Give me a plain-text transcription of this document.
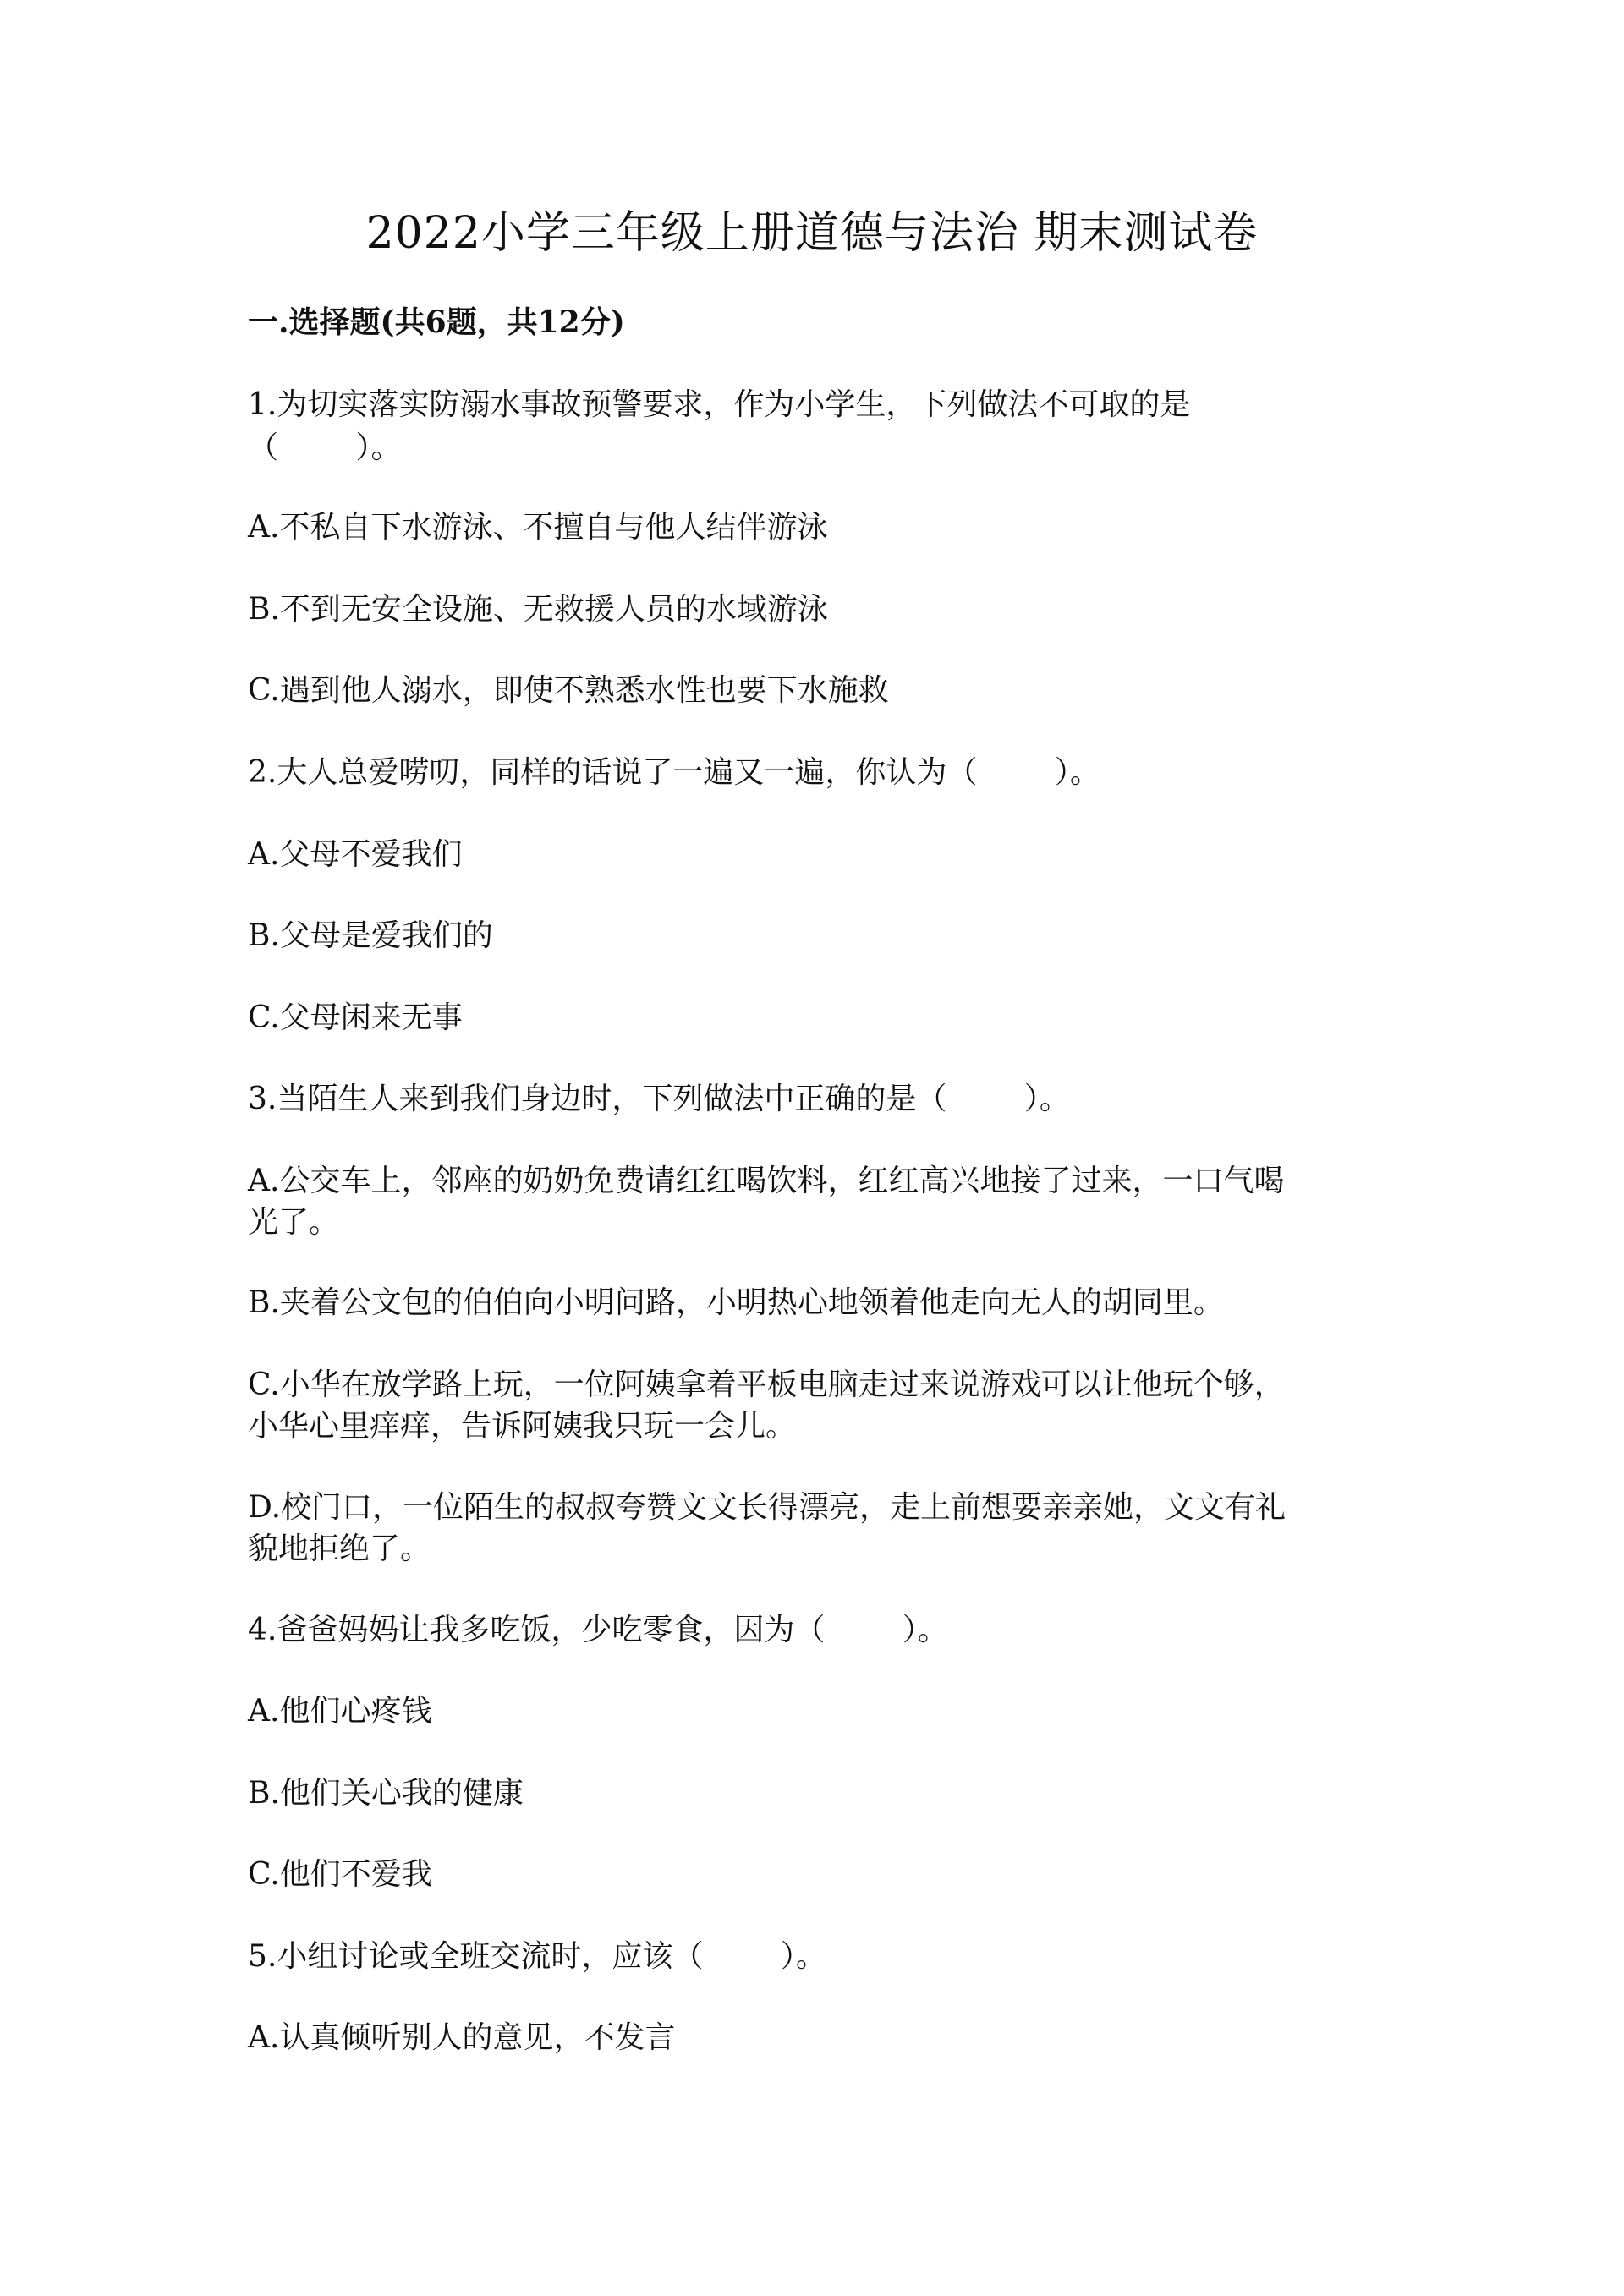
2022小学三年级上册道德与法治 期末测试卷
一.选择题(共6题，共12分)
1.为切实落实防溺水事故预警要求，作为小学生，下列做法不可取的是
（        ）。
A.不私自下水游泳、不擅自与他人结伴游泳
B.不到无安全设施、无救援人员的水域游泳
C.遇到他人溺水，即使不熟悉水性也要下水施救
2.大人总爱唠叨，同样的话说了一遍又一遍，你认为（        ）。
A.父母不爱我们
B.父母是爱我们的
C.父母闲来无事
3.当陌生人来到我们身边时，下列做法中正确的是（        ）。
A.公交车上，邻座的奶奶免费请红红喝饮料，红红高兴地接了过来，一口气喝
光了。
B.夹着公文包的伯伯向小明问路，小明热心地领着他走向无人的胡同里。
C.小华在放学路上玩，一位阿姨拿着平板电脑走过来说游戏可以让他玩个够，
小华心里痒痒，告诉阿姨我只玩一会儿。
D.校门口，一位陌生的叔叔夸赞文文长得漂亮，走上前想要亲亲她，文文有礼
貌地拒绝了。
4.爸爸妈妈让我多吃饭，少吃零食，因为（        ）。
A.他们心疼钱
B.他们关心我的健康
C.他们不爱我
5.小组讨论或全班交流时，应该（        ）。
A.认真倾听别人的意见，不发言
